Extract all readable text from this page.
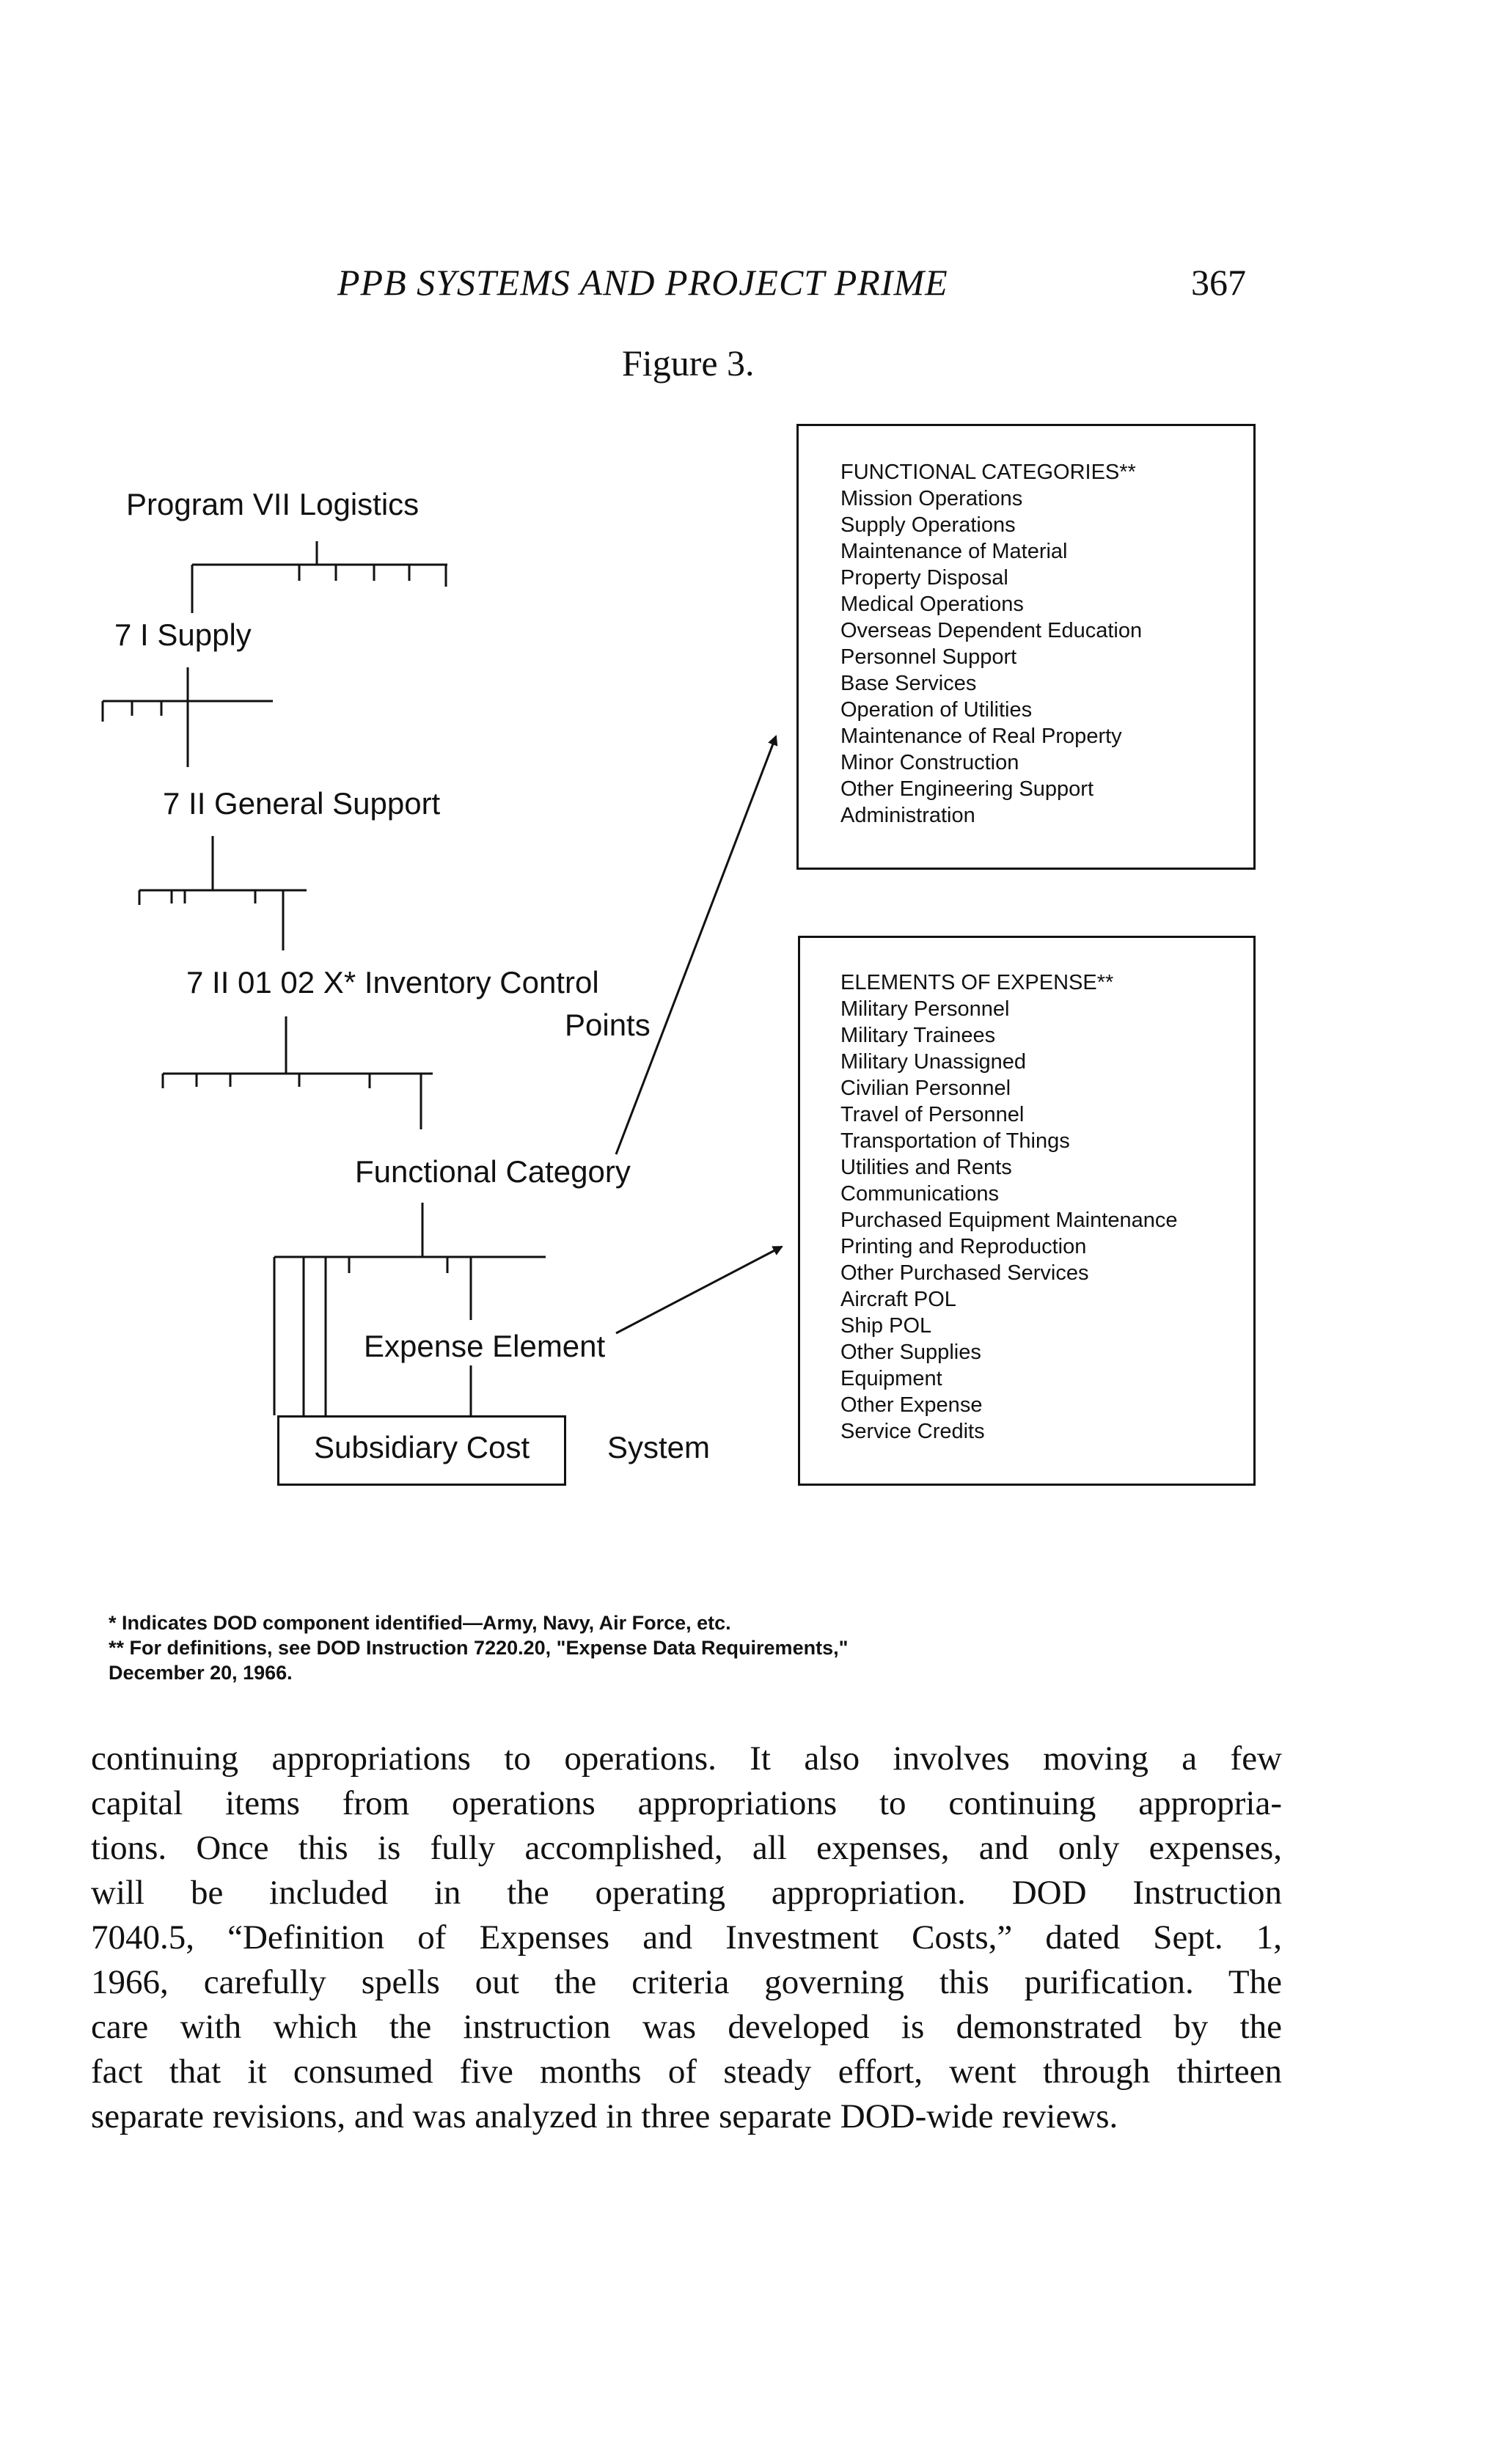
PPB SYSTEMS AND PROJECT PRIME	367
Figure 3.
Program VII Logistics
7 I Supply
7 II General Support
7 II 01 02 X* Inventory Control
Points
Functional Category
Expense Element
Subsidiary Cost	System
FUNCTIONAL CATEGORIES**
Mission Operations
Supply Operations
Maintenance of Material
Property Disposal
Medical Operations
Overseas Dependent Education
Personnel Support
Base Services
Operation of Utilities
Maintenance of Real Property
Minor Construction
Other Engineering Support
Administration
ELEMENTS OF EXPENSE**
Military Personnel
Military Trainees
Military Unassigned
Civilian Personnel
Travel of Personnel
Transportation of Things
Utilities and Rents
Communications
Purchased Equipment Maintenance
Printing and Reproduction
Other Purchased Services
Aircraft POL
Ship POL
Other Supplies
Equipment
Other Expense
Service Credits
* Indicates DOD component identified—Army, Navy, Air Force, etc.
** For definitions, see DOD Instruction 7220.20, "Expense Data Requirements,"
December 20, 1966.
continuing appropriations to operations. It also involves moving a few
capital items from operations appropriations to continuing appropria-
tions. Once this is fully accomplished, all expenses, and only expenses,
will be included in the operating appropriation. DOD Instruction
7040.5, “Definition of Expenses and Investment Costs,” dated Sept. 1,
1966, carefully spells out the criteria governing this purification. The
care with which the instruction was developed is demonstrated by the
fact that it consumed five months of steady effort, went through thirteen
separate revisions, and was analyzed in three separate DOD-wide reviews.
